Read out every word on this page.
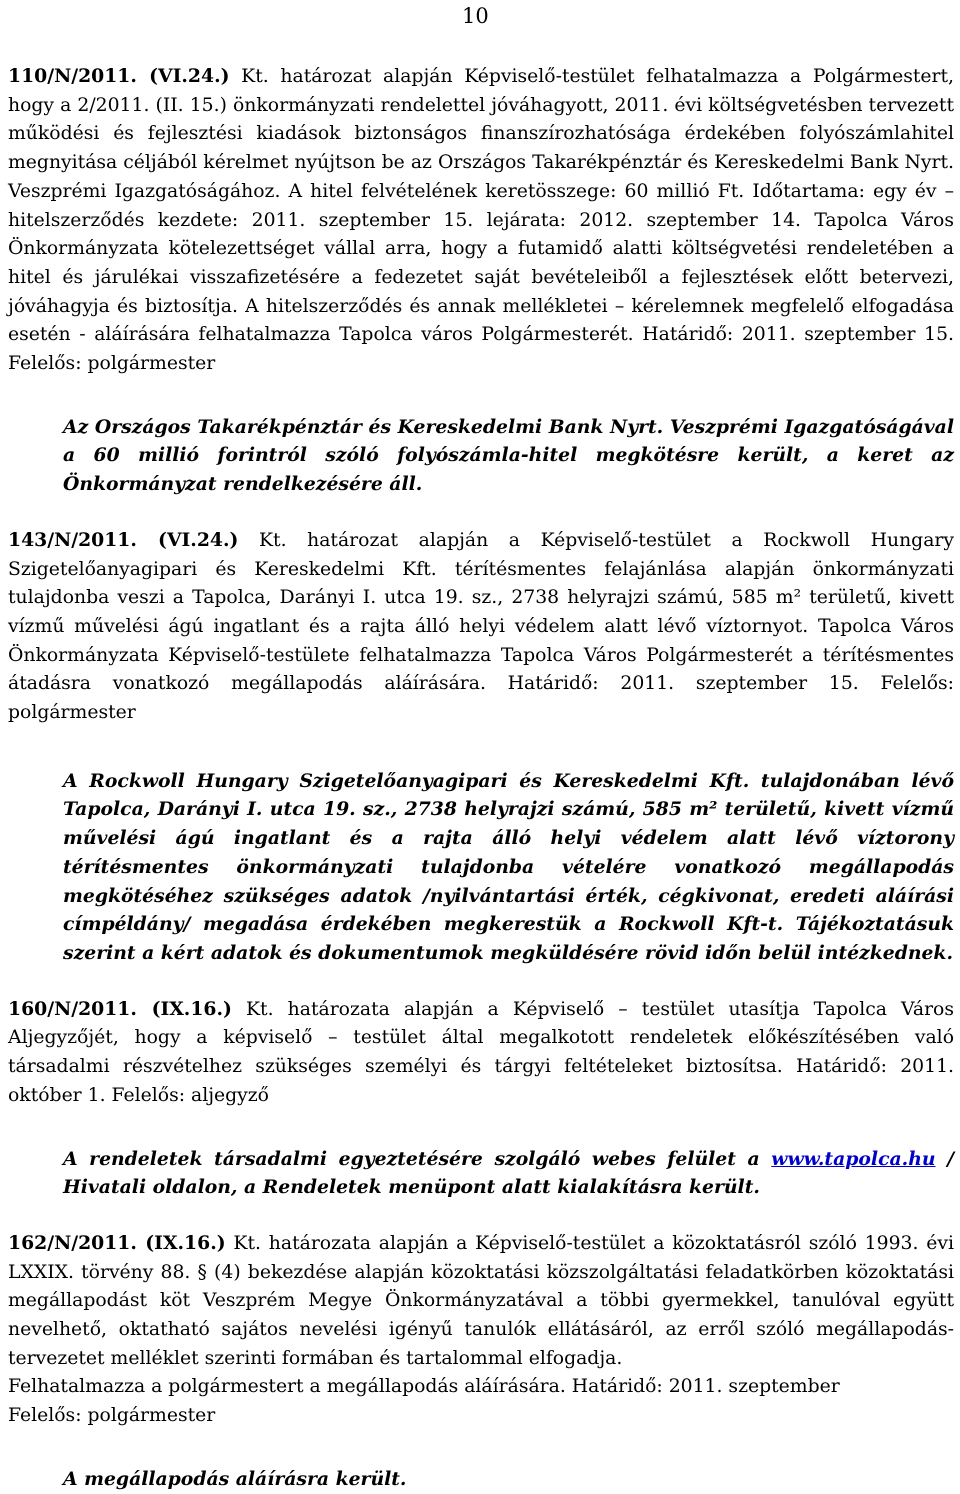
10

110/N/2011. (VI.24.) Kt. határozat alapján Képviselő-testület felhatalmazza a Polgármestert, hogy a 2/2011. (II. 15.) önkormányzati rendelettel jóváhagyott, 2011. évi költségvetésben tervezett működési és fejlesztési kiadások biztonságos finanszírozhatósága érdekében folyószámlahitel megnyitása céljából kérelmet nyújtson be az Országos Takarékpénztár és Kereskedelmi Bank Nyrt. Veszprémi Igazgatóságához. A hitel felvételének keretösszege: 60 millió Ft. Időtartama: egy év – hitelszerződés kezdete: 2011. szeptember 15. lejárata: 2012. szeptember 14. Tapolca Város Önkormányzata kötelezettséget vállal arra, hogy a futamidő alatti költségvetési rendeletében a hitel és járulékai visszafizetésére a fedezetet saját bevételeiből a fejlesztések előtt betervezi, jóváhagyja és biztosítja. A hitelszerződés és annak mellékletei – kérelemnek megfelelő elfogadása esetén - aláírására felhatalmazza Tapolca város Polgármesterét. Határidő: 2011. szeptember 15. Felelős: polgármester

Az Országos Takarékpénztár és Kereskedelmi Bank Nyrt. Veszprémi Igazgatóságával a 60 millió forintról szóló folyószámla-hitel megkötésre került, a keret az Önkormányzat rendelkezésére áll.

143/N/2011. (VI.24.) Kt. határozat alapján a Képviselő-testület a Rockwoll Hungary Szigetelőanyagipari és Kereskedelmi Kft. térítésmentes felajánlása alapján önkormányzati tulajdonba veszi a Tapolca, Darányi I. utca 19. sz., 2738 helyrajzi számú, 585 m² területű, kivett vízmű művelési ágú ingatlant és a rajta álló helyi védelem alatt lévő víztornyot. Tapolca Város Önkormányzata Képviselő-testülete felhatalmazza Tapolca Város Polgármesterét a térítésmentes átadásra vonatkozó megállapodás aláírására. Határidő: 2011. szeptember 15. Felelős: polgármester

A Rockwoll Hungary Szigetelőanyagipari és Kereskedelmi Kft. tulajdonában lévő Tapolca, Darányi I. utca 19. sz., 2738 helyrajzi számú, 585 m² területű, kivett vízmű művelési ágú ingatlant és a rajta álló helyi védelem alatt lévő víztorony térítésmentes önkormányzati tulajdonba vételére vonatkozó megállapodás megkötéséhez szükséges adatok /nyilvántartási érték, cégkivonat, eredeti aláírási címpéldány/ megadása érdekében megkerestük a Rockwoll Kft-t. Tájékoztatásuk szerint a kért adatok és dokumentumok megküldésére rövid időn belül intézkednek.

160/N/2011. (IX.16.) Kt. határozata alapján a Képviselő – testület utasítja Tapolca Város Aljegyzőjét, hogy a képviselő – testület által megalkotott rendeletek előkészítésében való társadalmi részvételhez szükséges személyi és tárgyi feltételeket biztosítsa. Határidő: 2011. október 1. Felelős: aljegyző

A rendeletek társadalmi egyeztetésére szolgáló webes felület a www.tapolca.hu / Hivatali oldalon, a Rendeletek menüpont alatt kialakításra került.

162/N/2011. (IX.16.) Kt. határozata alapján a Képviselő-testület a közoktatásról szóló 1993. évi LXXIX. törvény 88. § (4) bekezdése alapján közoktatási közszolgáltatási feladatkörben közoktatási megállapodást köt Veszprém Megye Önkormányzatával a többi gyermekkel, tanulóval együtt nevelhető, oktatható sajátos nevelési igényű tanulók ellátásáról, az erről szóló megállapodás-tervezetet melléklet szerinti formában és tartalommal elfogadja.

Felhatalmazza a polgármestert a megállapodás aláírására. Határidő: 2011. szeptember

Felelős: polgármester

A megállapodás aláírásra került.
